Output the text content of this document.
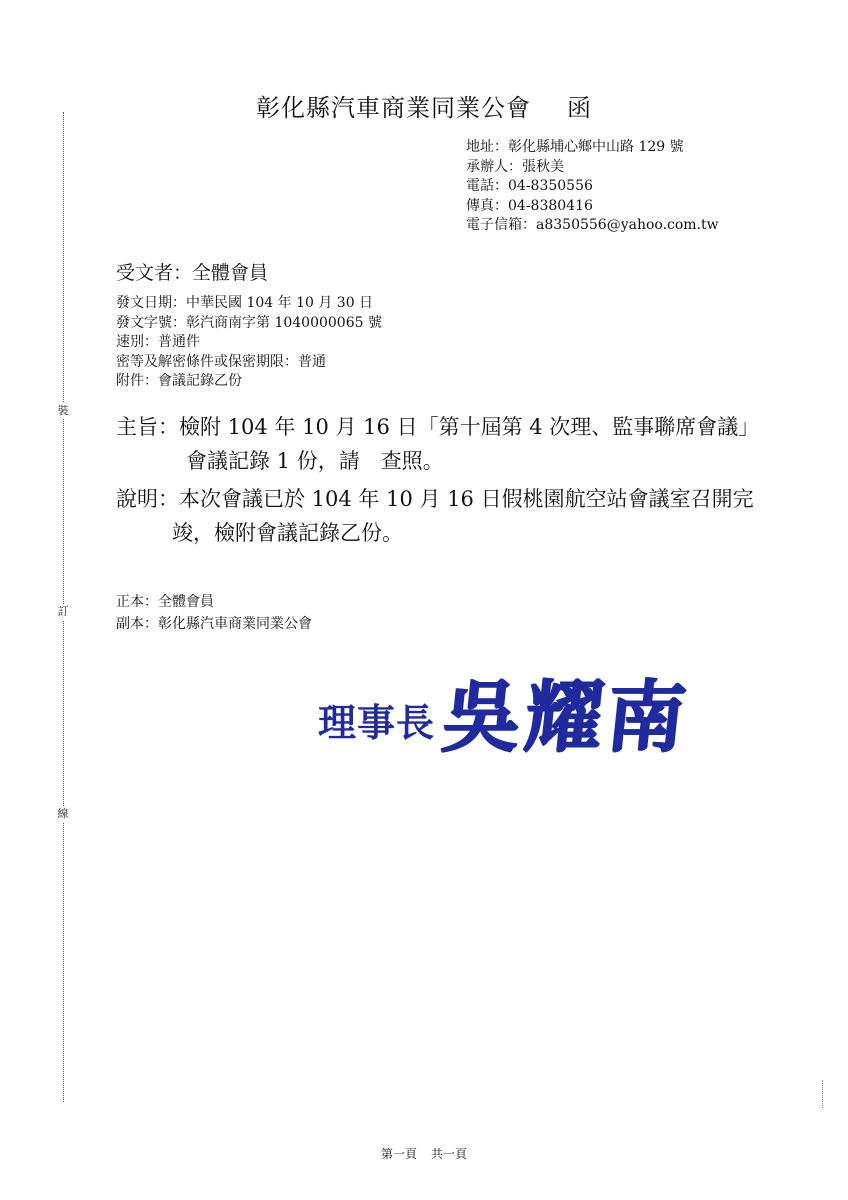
裝
訂
線
彰化縣汽車商業同業公會 函
地址：彰化縣埔心鄉中山路 129 號
承辦人：張秋美
電話：04-8350556
傳真：04-8380416
電子信箱：a8350556@yahoo.com.tw
受文者：全體會員
發文日期：中華民國 104 年 10 月 30 日
發文字號：彰汽商南字第 1040000065 號
速別：普通件
密等及解密條件或保密期限：普通
附件：會議記錄乙份
主旨：檢附 104 年 10 月 16 日「第十屆第 4 次理、監事聯席會議」
會議記錄 1 份，請　查照。
說明：本次會議已於 104 年 10 月 16 日假桃園航空站會議室召開完
竣，檢附會議記錄乙份。
正本：全體會員
副本：彰化縣汽車商業同業公會
理事長 吳耀南
第一頁 共一頁
